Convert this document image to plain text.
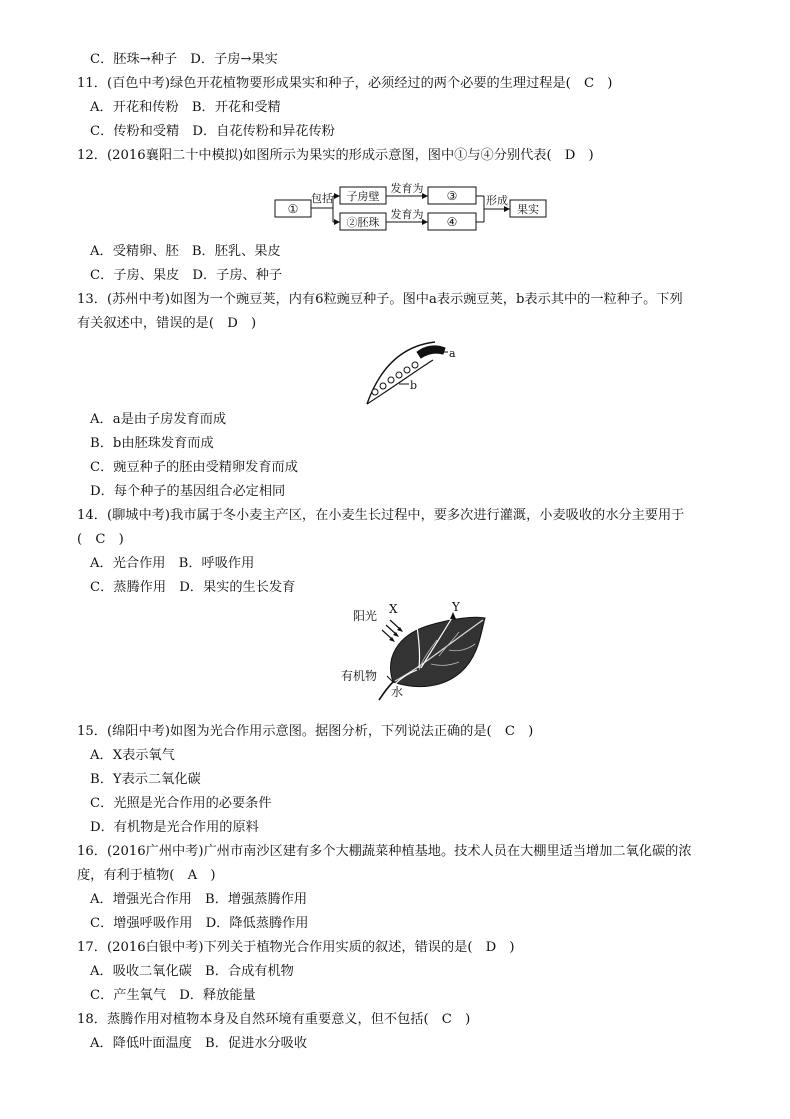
C．胚珠→种子　D．子房→果实
11．(百色中考)绿色开花植物要形成果实和种子，必须经过的两个必要的生理过程是(　C　)
A．开花和传粉　B．开花和受精
C．传粉和受精　D．自花传粉和异花传粉
12．(2016襄阳二十中模拟)如图所示为果实的形成示意图，图中①与④分别代表(　D　)
①
包括 子房壁
②胚珠
发育为
发育为
③
④
形成
果实
A．受精卵、胚　B．胚乳、果皮
C．子房、果皮　D．子房、种子
13．(苏州中考)如图为一个豌豆荚，内有6粒豌豆种子。图中a表示豌豆荚，b表示其中的一粒种子。下列
有关叙述中，错误的是(　D　)
a
b
A．a是由子房发育而成
B．b由胚珠发育而成
C．豌豆种子的胚由受精卵发育而成
D．每个种子的基因组合必定相同
14．(聊城中考)我市属于冬小麦主产区，在小麦生长过程中，要多次进行灌溉，小麦吸收的水分主要用于
(　C　)
A．光合作用　B．呼吸作用
C．蒸腾作用　D．果实的生长发育
阳光 X	Y
有机物
水
15．(绵阳中考)如图为光合作用示意图。据图分析，下列说法正确的是(　C　)
A．X表示氧气
B．Y表示二氧化碳
C．光照是光合作用的必要条件
D．有机物是光合作用的原料
16．(2016广州中考)广州市南沙区建有多个大棚蔬菜种植基地。技术人员在大棚里适当增加二氧化碳的浓
度，有利于植物(　A　)
A．增强光合作用　B．增强蒸腾作用
C．增强呼吸作用　D．降低蒸腾作用
17．(2016白银中考)下列关于植物光合作用实质的叙述，错误的是(　D　)
A．吸收二氧化碳　B．合成有机物
C．产生氧气　D．释放能量
18．蒸腾作用对植物本身及自然环境有重要意义，但不包括(　C　)
A．降低叶面温度　B．促进水分吸收
